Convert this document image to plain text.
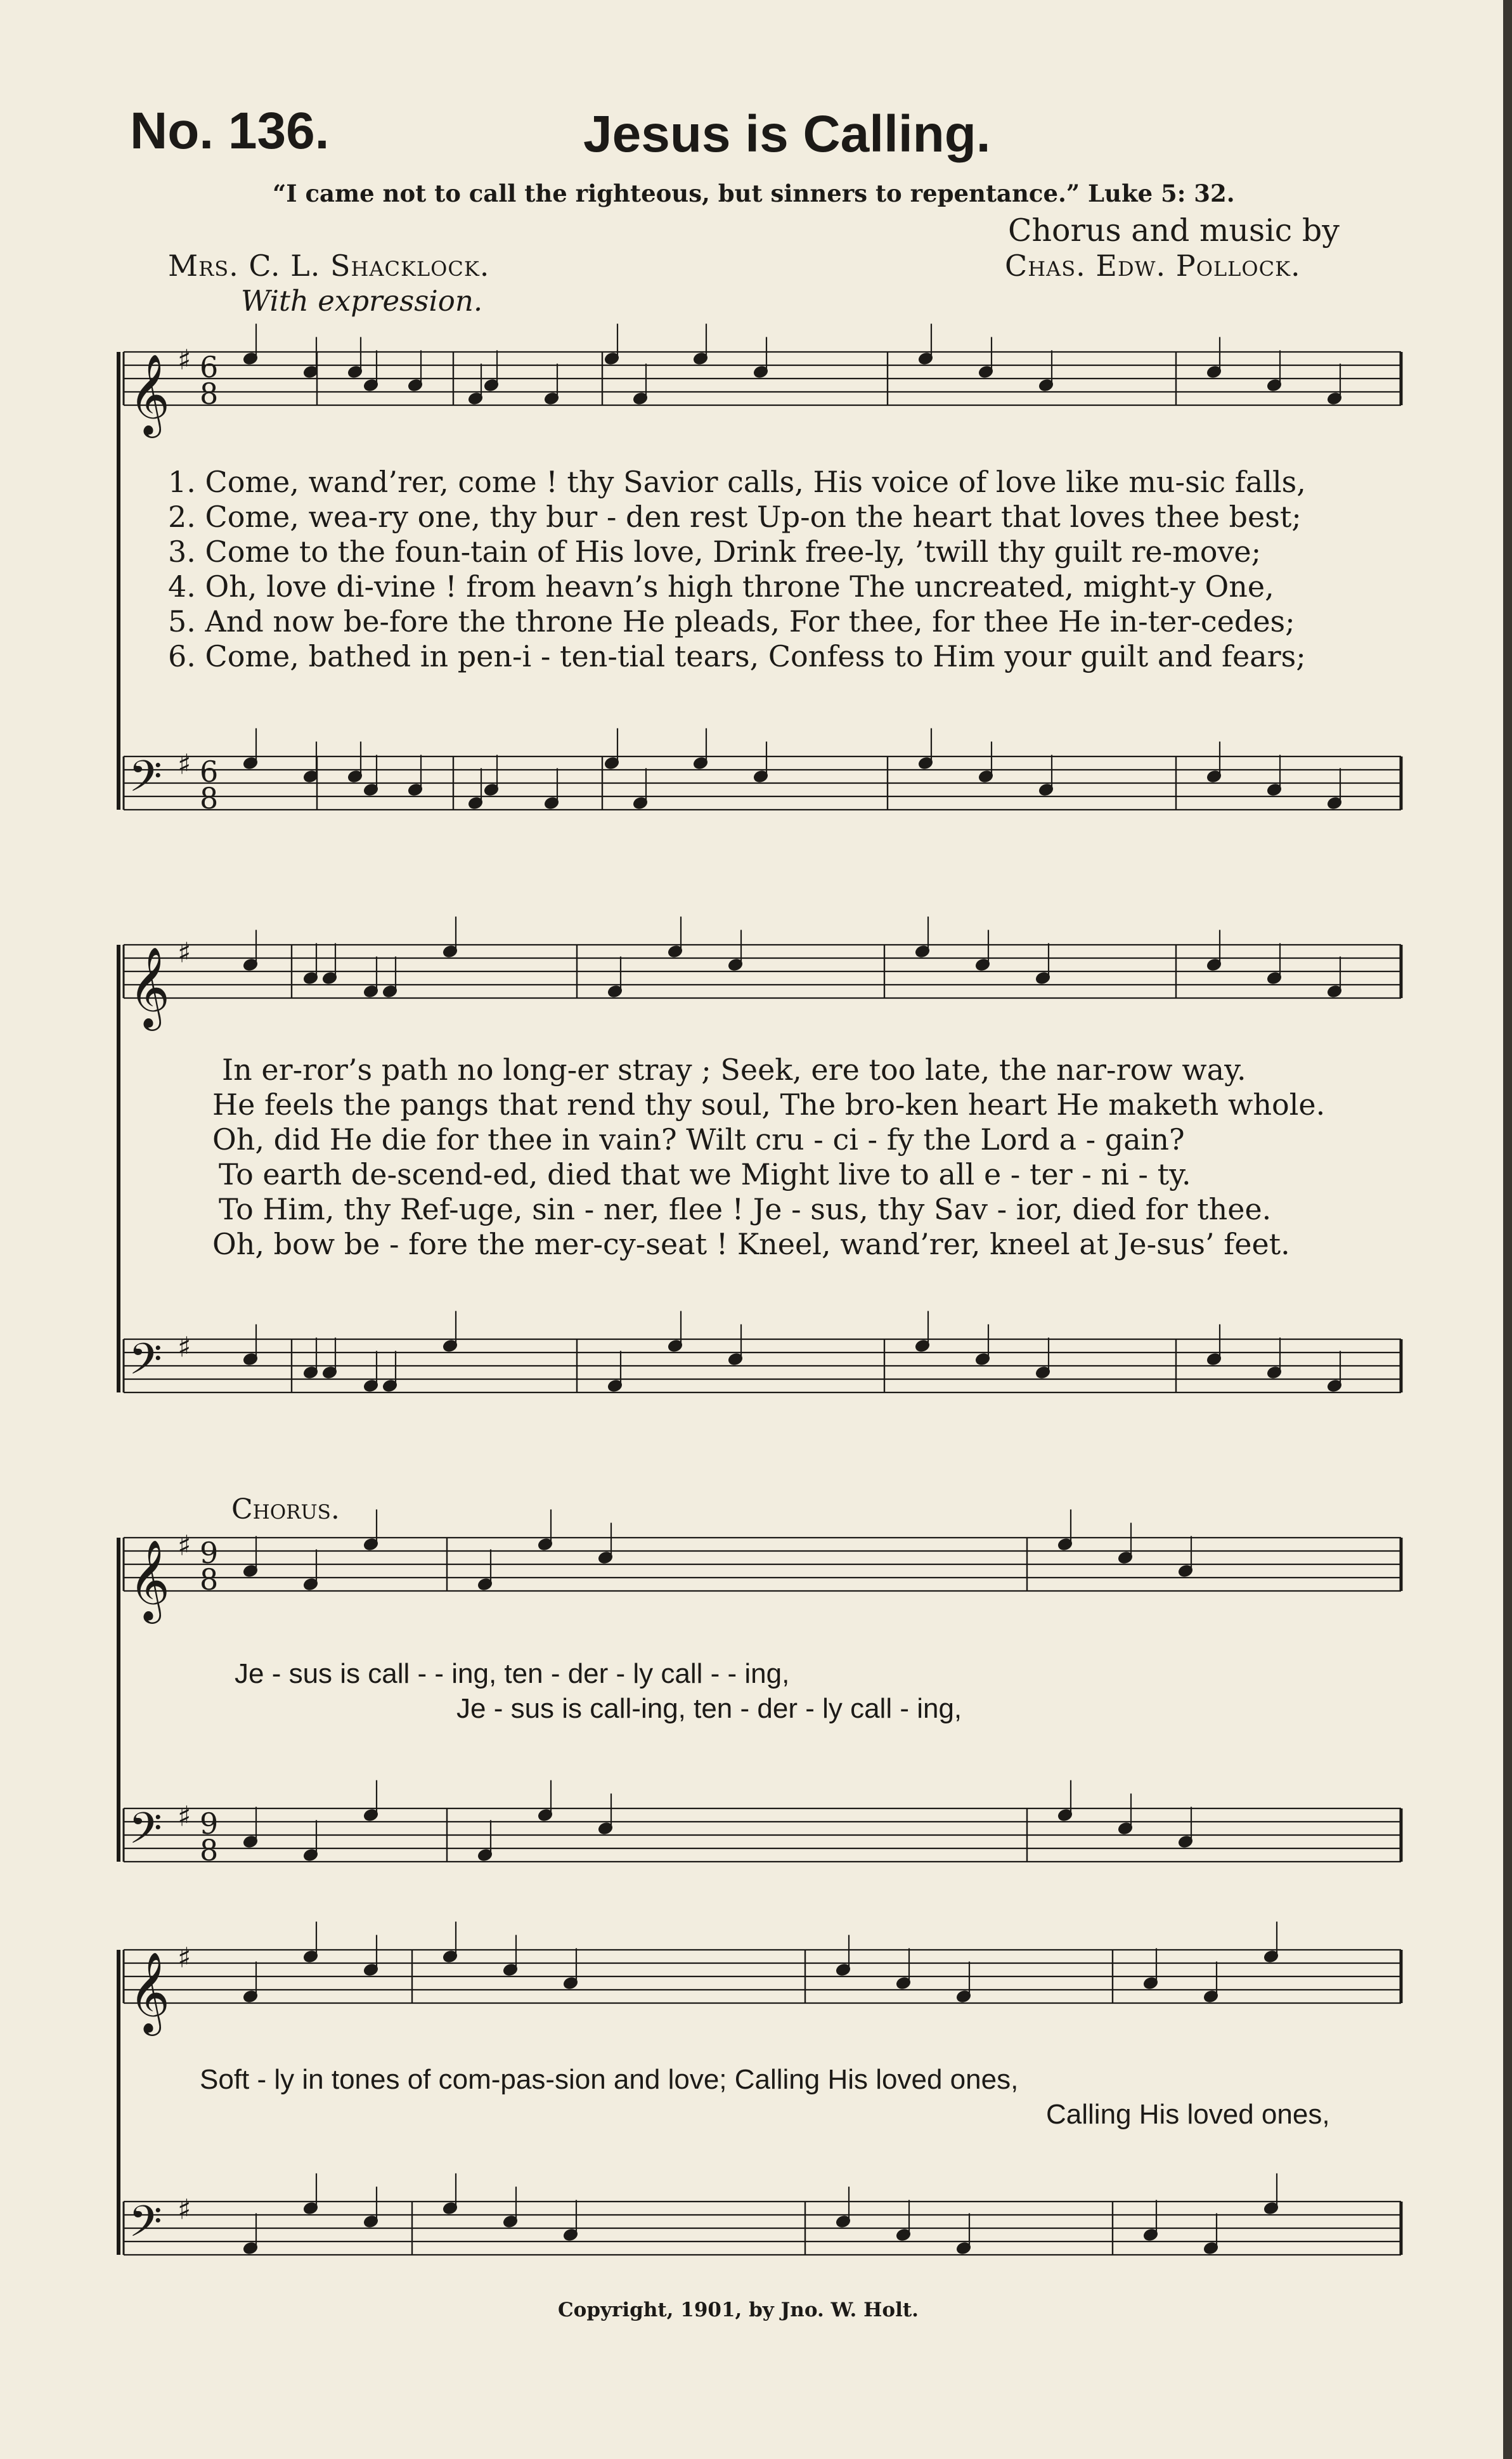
No. 136.	Jesus is Calling.
“I came not to call the righteous, but sinners to repentance.” Luke 5: 32.
Mrs. C. L. Shacklock.
Chorus and music by
Chas. Edw. Pollock.
With expression.
𝄞 ♯ 6
8
𝄢 ♯ 6
8
𝄞 ♯
𝄢 ♯
𝄞 ♯ 9
8
𝄢 ♯ 9
8
𝄞 ♯
𝄢 ♯
1. Come, wand’rer, come ! thy Savior calls, His voice of love like mu-sic falls,
2. Come, wea-ry one, thy bur - den rest Up-on the heart that loves thee best;
3. Come to the foun-tain of His love, Drink free-ly, ’twill thy guilt re-move;
4. Oh, love di-vine ! from heavn’s high throne The uncreated, might-y One,
5. And now be-fore the throne He pleads, For thee, for thee He in-ter-cedes;
6. Come, bathed in pen-i - ten-tial tears, Confess to Him your guilt and fears;
In er-ror’s path no long-er stray ; Seek, ere too late, the nar-row way.
He feels the pangs that rend thy soul, The bro-ken heart He maketh whole.
Oh, did He die for thee in vain? Wilt cru - ci - fy the Lord a - gain?
To earth de-scend-ed, died that we Might live to all e - ter - ni - ty.
To Him, thy Ref-uge, sin - ner, flee ! Je - sus, thy Sav - ior, died for thee.
Oh, bow be - fore the mer-cy-seat ! Kneel, wand’rer, kneel at Je-sus’ feet.
Chorus.
Je - sus is call - - ing, ten - der - ly call - - ing,
Je - sus is call-ing, ten - der - ly call - ing,
Soft - ly in tones of com-pas-sion and love; Calling His loved ones,
Calling His loved ones,
Copyright, 1901, by Jno. W. Holt.
